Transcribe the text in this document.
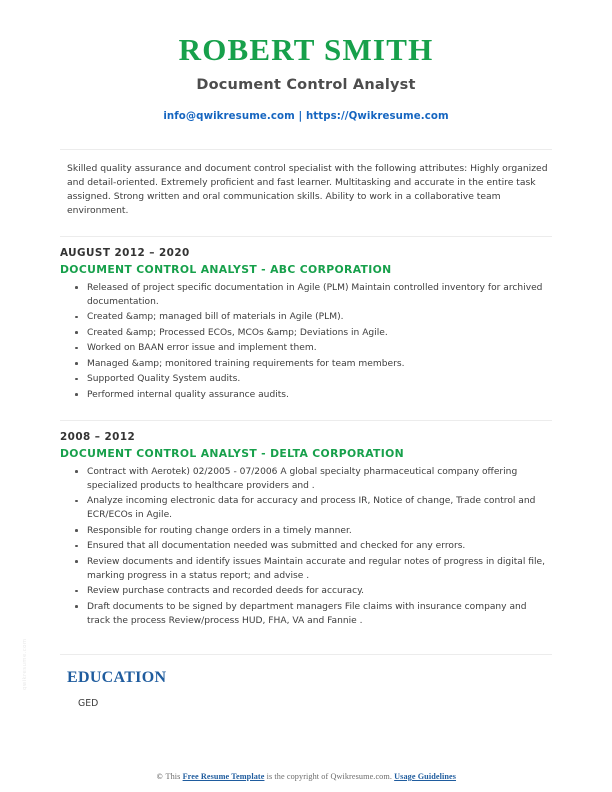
qwikresume.com
ROBERT SMITH
Document Control Analyst
info@qwikresume.com | https://Qwikresume.com
Skilled quality assurance and document control specialist with the following attributes: Highly organized and detail-oriented. Extremely proficient and fast learner. Multitasking and accurate in the entire task assigned. Strong written and oral communication skills. Ability to work in a collaborative team environment.
AUGUST 2012 – 2020
DOCUMENT CONTROL ANALYST - ABC CORPORATION
Released of project specific documentation in Agile (PLM) Maintain controlled inventory for archived documentation.
Created &amp; managed bill of materials in Agile (PLM).
Created &amp; Processed ECOs, MCOs &amp; Deviations in Agile.
Worked on BAAN error issue and implement them.
Managed &amp; monitored training requirements for team members.
Supported Quality System audits.
Performed internal quality assurance audits.
2008 – 2012
DOCUMENT CONTROL ANALYST - DELTA CORPORATION
Contract with Aerotek) 02/2005 - 07/2006 A global specialty pharmaceutical company offering specialized products to healthcare providers and .
Analyze incoming electronic data for accuracy and process IR, Notice of change, Trade control and ECR/ECOs in Agile.
Responsible for routing change orders in a timely manner.
Ensured that all documentation needed was submitted and checked for any errors.
Review documents and identify issues Maintain accurate and regular notes of progress in digital file, marking progress in a status report; and advise .
Review purchase contracts and recorded deeds for accuracy.
Draft documents to be signed by department managers File claims with insurance company and track the process Review/process HUD, FHA, VA and Fannie .
EDUCATION
GED
© This Free Resume Template is the copyright of Qwikresume.com. Usage Guidelines
